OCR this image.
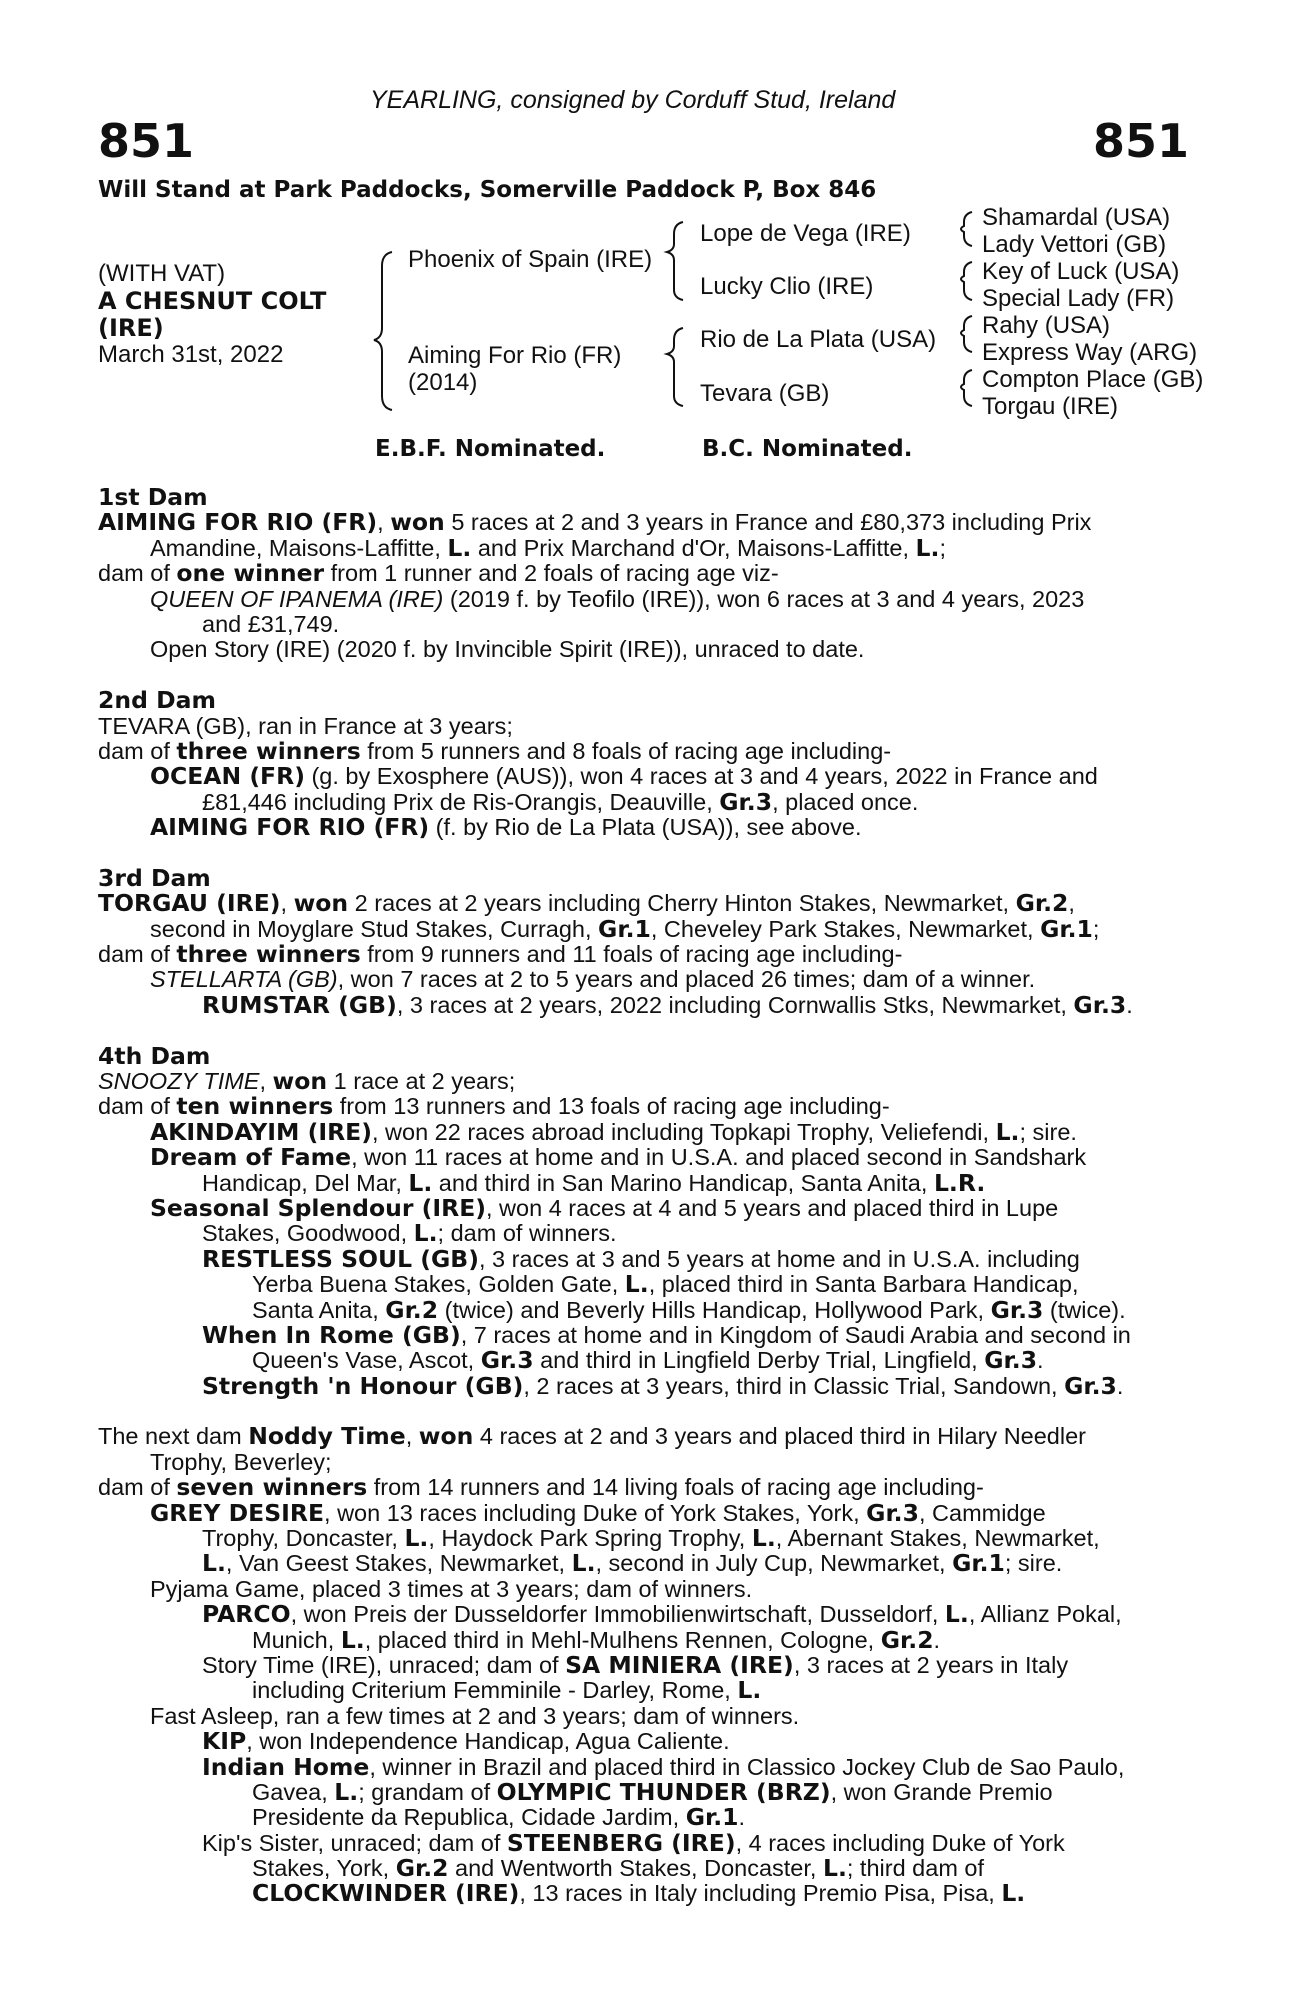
YEARLING, consigned by Corduff Stud, Ireland
851	851
Will Stand at Park Paddocks, Somerville Paddock P, Box 846
(WITH VAT)
A CHESNUT COLT
(IRE)
March 31st, 2022
Phoenix of Spain (IRE)
Aiming For Rio (FR)
(2014)
Lope de Vega (IRE)
Lucky Clio (IRE)
Rio de La Plata (USA)
Tevara (GB)
Shamardal (USA)
Lady Vettori (GB)
Key of Luck (USA)
Special Lady (FR)
Rahy (USA)
Express Way (ARG)
Compton Place (GB)
Torgau (IRE)
E.B.F. Nominated.	B.C. Nominated.
1st Dam
AIMING FOR RIO (FR), won 5 races at 2 and 3 years in France and £80,373 including Prix
Amandine, Maisons-Laffitte, L. and Prix Marchand d'Or, Maisons-Laffitte, L.;
dam of one winner from 1 runner and 2 foals of racing age viz-
QUEEN OF IPANEMA (IRE) (2019 f. by Teofilo (IRE)), won 6 races at 3 and 4 years, 2023
and £31,749.
Open Story (IRE) (2020 f. by Invincible Spirit (IRE)), unraced to date.
2nd Dam
TEVARA (GB), ran in France at 3 years;
dam of three winners from 5 runners and 8 foals of racing age including-
OCEAN (FR) (g. by Exosphere (AUS)), won 4 races at 3 and 4 years, 2022 in France and
£81,446 including Prix de Ris-Orangis, Deauville, Gr.3, placed once.
AIMING FOR RIO (FR) (f. by Rio de La Plata (USA)), see above.
3rd Dam
TORGAU (IRE), won 2 races at 2 years including Cherry Hinton Stakes, Newmarket, Gr.2,
second in Moyglare Stud Stakes, Curragh, Gr.1, Cheveley Park Stakes, Newmarket, Gr.1;
dam of three winners from 9 runners and 11 foals of racing age including-
STELLARTA (GB), won 7 races at 2 to 5 years and placed 26 times; dam of a winner.
RUMSTAR (GB), 3 races at 2 years, 2022 including Cornwallis Stks, Newmarket, Gr.3.
4th Dam
SNOOZY TIME, won 1 race at 2 years;
dam of ten winners from 13 runners and 13 foals of racing age including-
AKINDAYIM (IRE), won 22 races abroad including Topkapi Trophy, Veliefendi, L.; sire.
Dream of Fame, won 11 races at home and in U.S.A. and placed second in Sandshark
Handicap, Del Mar, L. and third in San Marino Handicap, Santa Anita, L.R.
Seasonal Splendour (IRE), won 4 races at 4 and 5 years and placed third in Lupe
Stakes, Goodwood, L.; dam of winners.
RESTLESS SOUL (GB), 3 races at 3 and 5 years at home and in U.S.A. including
Yerba Buena Stakes, Golden Gate, L., placed third in Santa Barbara Handicap,
Santa Anita, Gr.2 (twice) and Beverly Hills Handicap, Hollywood Park, Gr.3 (twice).
When In Rome (GB), 7 races at home and in Kingdom of Saudi Arabia and second in
Queen's Vase, Ascot, Gr.3 and third in Lingfield Derby Trial, Lingfield, Gr.3.
Strength 'n Honour (GB), 2 races at 3 years, third in Classic Trial, Sandown, Gr.3.
The next dam Noddy Time, won 4 races at 2 and 3 years and placed third in Hilary Needler
Trophy, Beverley;
dam of seven winners from 14 runners and 14 living foals of racing age including-
GREY DESIRE, won 13 races including Duke of York Stakes, York, Gr.3, Cammidge
Trophy, Doncaster, L., Haydock Park Spring Trophy, L., Abernant Stakes, Newmarket,
L., Van Geest Stakes, Newmarket, L., second in July Cup, Newmarket, Gr.1; sire.
Pyjama Game, placed 3 times at 3 years; dam of winners.
PARCO, won Preis der Dusseldorfer Immobilienwirtschaft, Dusseldorf, L., Allianz Pokal,
Munich, L., placed third in Mehl-Mulhens Rennen, Cologne, Gr.2.
Story Time (IRE), unraced; dam of SA MINIERA (IRE), 3 races at 2 years in Italy
including Criterium Femminile - Darley, Rome, L.
Fast Asleep, ran a few times at 2 and 3 years; dam of winners.
KIP, won Independence Handicap, Agua Caliente.
Indian Home, winner in Brazil and placed third in Classico Jockey Club de Sao Paulo,
Gavea, L.; grandam of OLYMPIC THUNDER (BRZ), won Grande Premio
Presidente da Republica, Cidade Jardim, Gr.1.
Kip's Sister, unraced; dam of STEENBERG (IRE), 4 races including Duke of York
Stakes, York, Gr.2 and Wentworth Stakes, Doncaster, L.; third dam of
CLOCKWINDER (IRE), 13 races in Italy including Premio Pisa, Pisa, L.
